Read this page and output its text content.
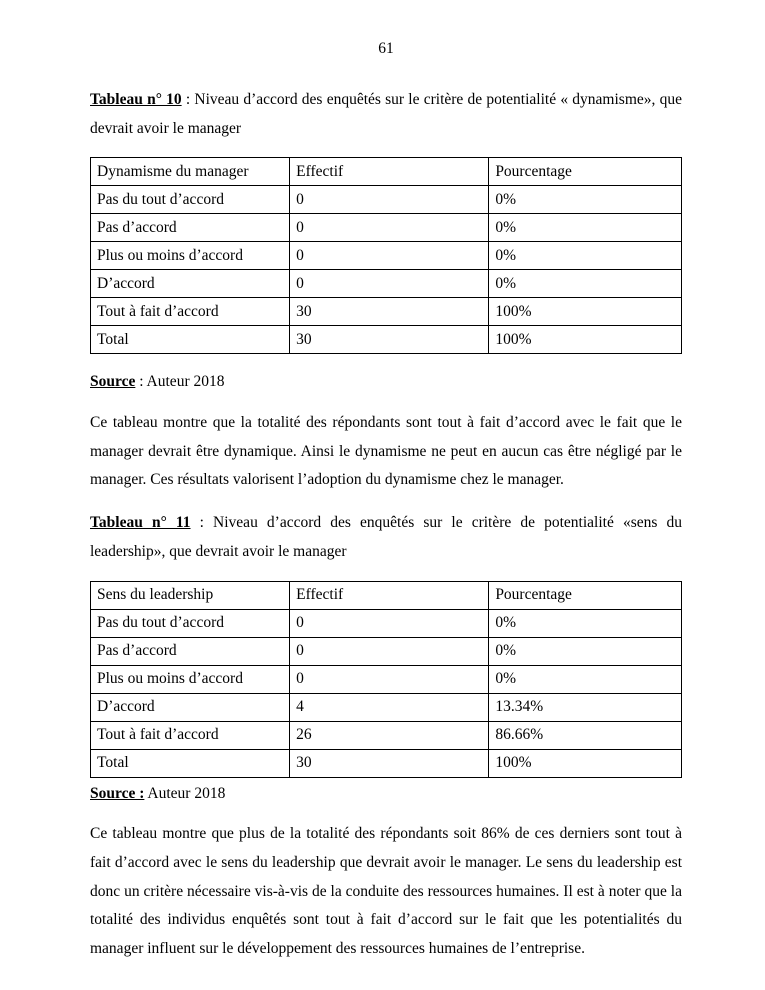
61

Tableau n° 10 : Niveau d’accord des enquêtés sur le critère de potentialité « dynamisme», que devrait avoir le manager

Dynamisme du manager	Effectif	Pourcentage
Pas du tout d’accord	0	0%
Pas d’accord	0	0%
Plus ou moins d’accord	0	0%
D’accord	0	0%
Tout à fait d’accord	30	100%
Total	30	100%

Source : Auteur 2018

Ce tableau montre que la totalité des répondants sont tout à fait d’accord avec le fait que le manager devrait être dynamique. Ainsi le dynamisme ne peut en aucun cas être négligé par le manager. Ces résultats valorisent l’adoption du dynamisme chez le manager.

Tableau n° 11 : Niveau d’accord des enquêtés sur le critère de potentialité «sens du leadership», que devrait avoir le manager

Sens du leadership	Effectif	Pourcentage
Pas du tout d’accord	0	0%
Pas d’accord	0	0%
Plus ou moins d’accord	0	0%
D’accord	4	13.34%
Tout à fait d’accord	26	86.66%
Total	30	100%

Source : Auteur 2018

Ce tableau montre que plus de la totalité des répondants soit 86% de ces derniers sont tout à fait d’accord avec le sens du leadership que devrait avoir le manager. Le sens du leadership est donc un critère nécessaire vis-à-vis de la conduite des ressources humaines. Il est à noter que la totalité des individus enquêtés sont tout à fait d’accord sur le fait que les potentialités du manager influent sur le développement des ressources humaines de l’entreprise.
